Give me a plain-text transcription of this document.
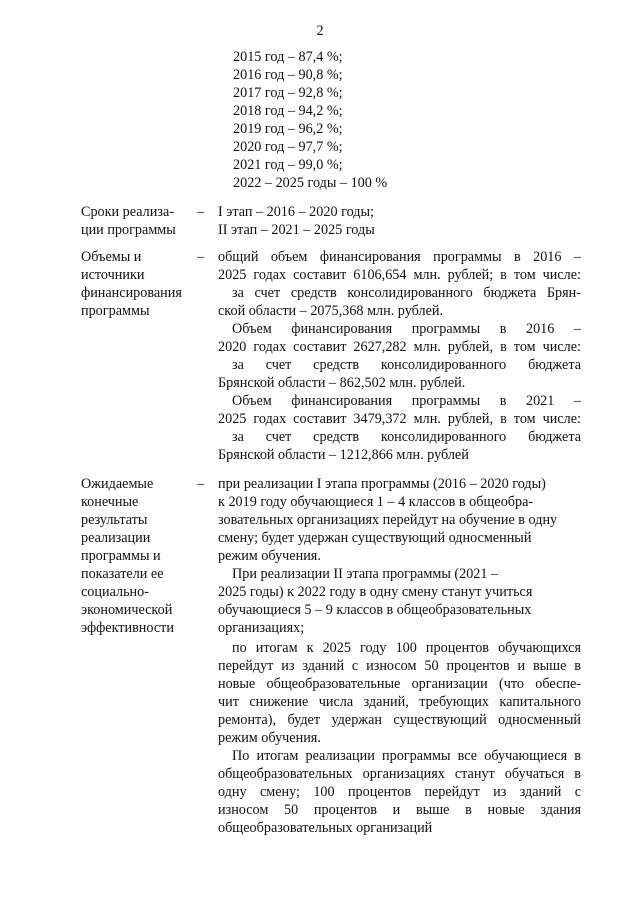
2
2015 год – 87,4 %;
2016 год – 90,8 %;
2017 год – 92,8 %;
2018 год – 94,2 %;
2019 год – 96,2 %;
2020 год – 97,7 %;
2021 год – 99,0 %;
2022 – 2025 годы – 100 %
Сроки реализа-
ции программы
– I этап – 2016 – 2020 годы;
II этап – 2021 – 2025 годы
Объемы и
источники
финансирования
программы
– общий объем финансирования программы в 2016 –
2025 годах составит 6106,654 млн. рублей; в том числе:
за счет средств консолидированного бюджета Брян-
ской области – 2075,368 млн. рублей.
Объем финансирования программы в 2016 –
2020 годах составит 2627,282 млн. рублей, в том числе:
за счет средств консолидированного бюджета
Брянской области – 862,502 млн. рублей.
Объем финансирования программы в 2021 –
2025 годах составит 3479,372 млн. рублей, в том числе:
за счет средств консолидированного бюджета
Брянской области – 1212,866 млн. рублей
Ожидаемые
конечные
результаты
реализации
программы и
показатели ее
социально-
экономической
эффективности
– при реализации I этапа программы (2016 – 2020 годы)
к 2019 году обучающиеся 1 – 4 классов в общеобра-
зовательных организациях перейдут на обучение в одну
смену; будет удержан существующий односменный
режим обучения.
При реализации II этапа программы (2021 –
2025 годы) к 2022 году в одну смену станут учиться
обучающиеся 5 – 9 классов в общеобразовательных
организациях;
по итогам к 2025 году 100 процентов обучающихся
перейдут из зданий с износом 50 процентов и выше в
новые общеобразовательные организации (что обеспе-
чит снижение числа зданий, требующих капитального
ремонта), будет удержан существующий односменный
режим обучения.
По итогам реализации программы все обучающиеся в
общеобразовательных организациях станут обучаться в
одну смену; 100 процентов перейдут из зданий с
износом 50 процентов и выше в новые здания
общеобразовательных организаций
